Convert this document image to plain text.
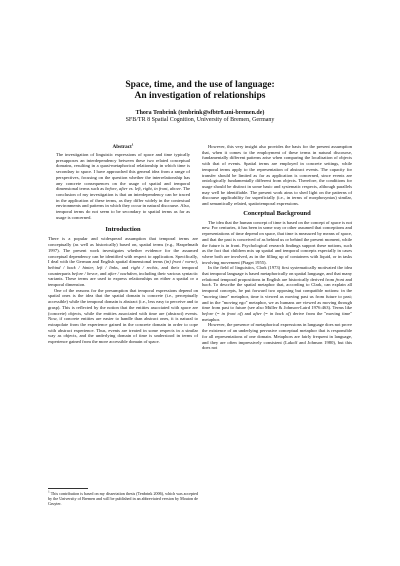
Space, time, and the use of language:
An investigation of relationships
Thora Tenbrink (tenbrink@sfbtr8.uni-bremen.de)
SFB/TR 8 Spatial Cognition, University of Bremen, Germany
Abstract$^1$

The investigation of linguistic expressions of space and time typically presupposes an interdependency between these two related conceptual domains, resulting in a quasi-metaphorical relationship in which time is secondary to space. I have approached this general idea from a range of perspectives, focusing on the question whether the interrelationship has any concrete consequences on the usage of spatial and temporal dimensional terms such as before, after vs. left, right, in front, above. The conclusion of my investigation is that an interdependency can be traced in the application of these terms, as they differ widely in the contextual environments and patterns in which they occur in natural discourse. Also, temporal terms do not seem to be secondary to spatial terms as far as usage is concerned.

Introduction

There is a popular and widespread assumption that temporal terms are conceptually (as well as historically) based on, spatial terms (e.g., Haspelmath 1997). The present work investigates whether evidence for the assumed conceptual dependency can be identified with respect to application. Specifically, I deal with the German and English spatial dimensional terms (in) front / vorne), behind / back / hinter, left / links, and right / rechts, and their temporal counterparts before / bevor, and after / nachdem, including their various syntactic variants. These terms are used to express relationships on either a spatial or a temporal dimension.

One of the reasons for the presumption that temporal expressions depend on spatial ones is the idea that the spatial domain is concrete (i.e., perceptually accessible) while the temporal domain is abstract (i.e., less easy to perceive and to grasp). This is reflected by the notion that the entities associated with space are (concrete) objects, while the entities associated with time are (abstract) events. Now, if concrete entities are easier to handle than abstract ones, it is natural to extrapolate from the experience gained in the concrete domain in order to cope with abstract experience. Thus, events are treated in some respects in a similar way as objects, and the underlying domain of time is understood in terms of experience gained from the more accessible domain of space.

However, this very insight also provides the basis for the present assumption that, when it comes to the employment of these terms in natural discourse, fundamentally different patterns arise when comparing the localisation of objects with that of events. Spatial terms are employed in concrete settings, while temporal terms apply to the representation of abstract events. The capacity for transfer should be limited as far as application is concerned, since events are ontologically fundamentally different from objects. Therefore, the conditions for usage should be distinct in some basic and systematic respects, although parallels may well be identifiable. The present work aims to shed light on the patterns of discourse applicability for superficially (i.e., in terms of morphosyntax) similar, and semantically related, spatiotemporal expressions.

Conceptual Background

The idea that the human concept of time is based on the concept of space is not new. For centuries, it has been in some way or other assumed that conceptions and representations of time depend on space, that time is measured by means of space, and that the past is conceived of as behind us or behind the present moment, while the future is in front. Psychological research findings support these notions, such as the fact that children mix up spatial and temporal concepts especially in cases where both are involved, as in the filling up of containers with liquid, or in tasks involving movement (Piaget 1955).

In the field of linguistics, Clark (1973) first systematically motivated the idea that temporal language is based metaphorically on spatial language, and that many relational temporal propositions in English are historically derived from front and back. To describe the spatial metaphor that, according to Clark, can explain all temporal concepts, he put forward two opposing but compatible notions: in the "moving time" metaphor, time is viewed as moving past us from future to past; and in the "moving ego" metaphor, we as humans are viewed as moving through time from past to future (see also Müller & Johnson-Laird 1976:463). Terms like before (= in front of) and after (= in back of) derive from the "moving time" metaphor.

However, the presence of metaphorical expressions in language does not prove the existence of an underlying pervasive conceptual metaphor that is responsible for all representations of one domain. Metaphors are fairly frequent in language, and they are often impressively consistent (Lakoff and Johnson 1980), but this does not

1 This contribution is based on my dissertation thesis (Tenbrink 2006), which was accepted by the University of Bremen and will be published in an abbreviated version by Mouton de Gruyter.
